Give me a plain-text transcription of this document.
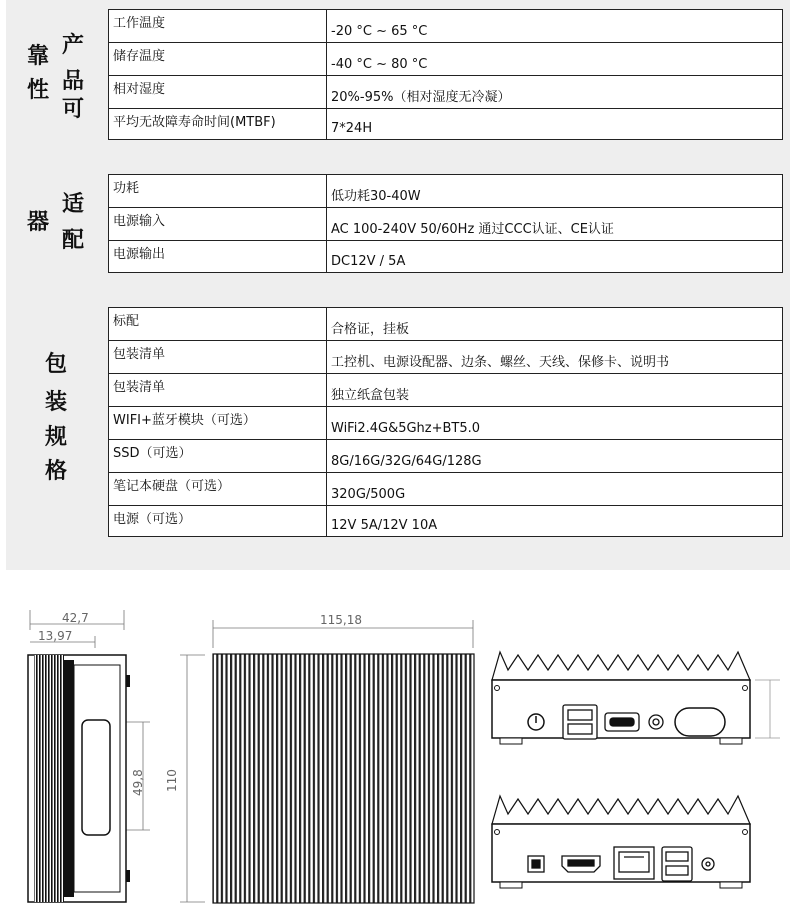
靠 产品
性
可
适
器
配
包
装
规
格
工作温度	-20 °C ~ 65 °C
储存温度	-40 °C ~ 80 °C
相对湿度	20%-95%（相对湿度无冷凝）
平均无故障寿命时间(MTBF)	7*24H
功耗	低功耗30-40W
电源输入	AC 100-240V 50/60Hz 通过CCC认证、CE认证
电源输出	DC12V / 5A
标配	合格证，挂板
包装清单	工控机、电源设配器、边条、螺丝、天线、保修卡、说明书
包装清单	独立纸盒包装
WIFI+蓝牙模块（可选）	WiFi2.4G&5Ghz+BT5.0
SSD（可选）	8G/16G/32G/64G/128G
笔记本硬盘（可选）	320G/500G
电源（可选）	12V 5A/12V 10A
42,7
13,97
49,8
115,18
110
